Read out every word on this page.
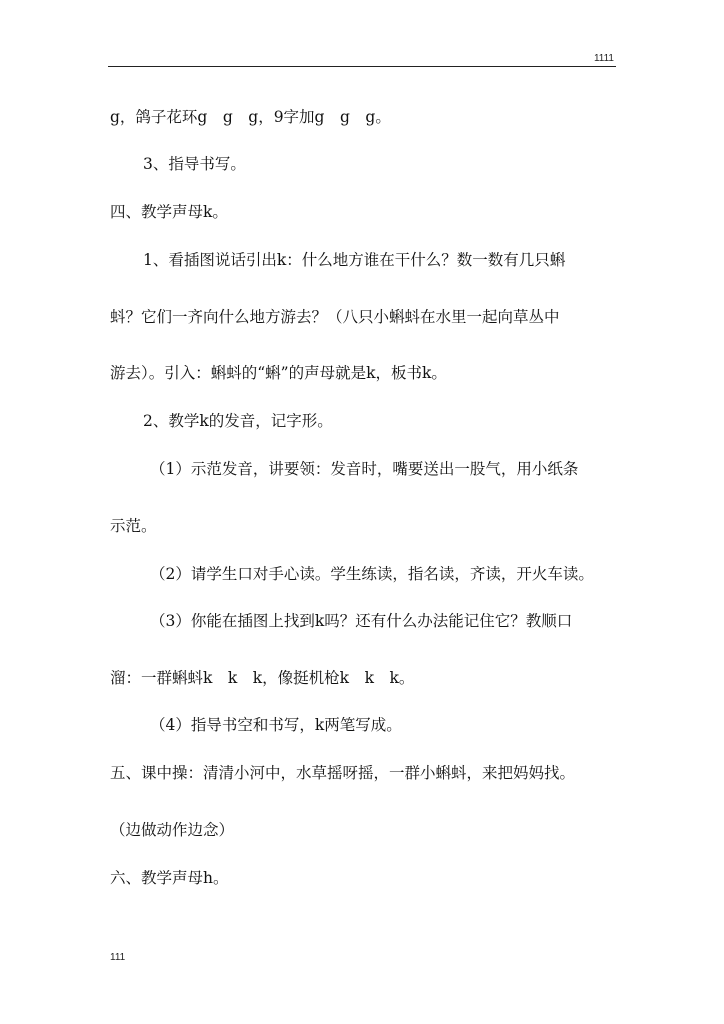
1111
g，鸽子花环g　g　g，9字加g　g　g。
3、指导书写。
四、教学声母k。
1、看插图说话引出k：什么地方谁在干什么？数一数有几只蝌
蚪？它们一齐向什么地方游去？（八只小蝌蚪在水里一起向草丛中
游去）。引入：蝌蚪的“蝌”的声母就是k，板书k。
2、教学k的发音，记字形。
（1）示范发音，讲要领：发音时，嘴要送出一股气，用小纸条
示范。
（2）请学生口对手心读。学生练读，指名读，齐读，开火车读。
（3）你能在插图上找到k吗？还有什么办法能记住它？教顺口
溜：一群蝌蚪k　k　k，像挺机枪k　k　k。
（4）指导书空和书写，k两笔写成。
五、课中操：清清小河中，水草摇呀摇，一群小蝌蚪，来把妈妈找。
（边做动作边念）
六、教学声母h。
111
